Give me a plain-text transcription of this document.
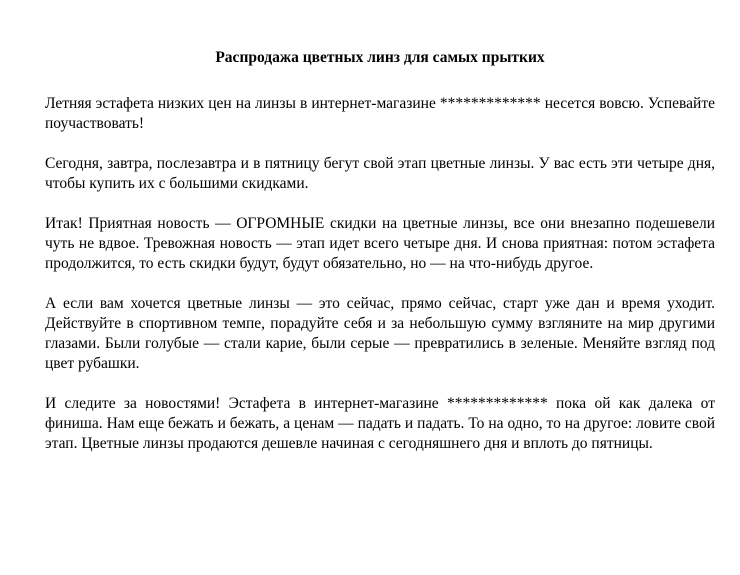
Распродажа цветных линз для самых прытких

Летняя эстафета низких цен на линзы в интернет-магазине ************* несется вовсю. Успевайте поучаствовать!

Сегодня, завтра, послезавтра и в пятницу бегут свой этап цветные линзы. У вас есть эти четыре дня, чтобы купить их с большими скидками.

Итак! Приятная новость — ОГРОМНЫЕ скидки на цветные линзы, все они внезапно подешевели чуть не вдвое. Тревожная новость — этап идет всего четыре дня. И снова приятная: потом эстафета продолжится, то есть скидки будут, будут обязательно, но — на что-нибудь другое.

А если вам хочется цветные линзы — это сейчас, прямо сейчас, старт уже дан и время уходит. Действуйте в спортивном темпе, порадуйте себя и за небольшую сумму взгляните на мир другими глазами. Были голубые — стали карие, были серые — превратились в зеленые. Меняйте взгляд под цвет рубашки.

И следите за новостями! Эстафета в интернет-магазине ************* пока ой как далека от финиша. Нам еще бежать и бежать, а ценам — падать и падать. То на одно, то на другое: ловите свой этап. Цветные линзы продаются дешевле начиная с сегодняшнего дня и вплоть до пятницы.
